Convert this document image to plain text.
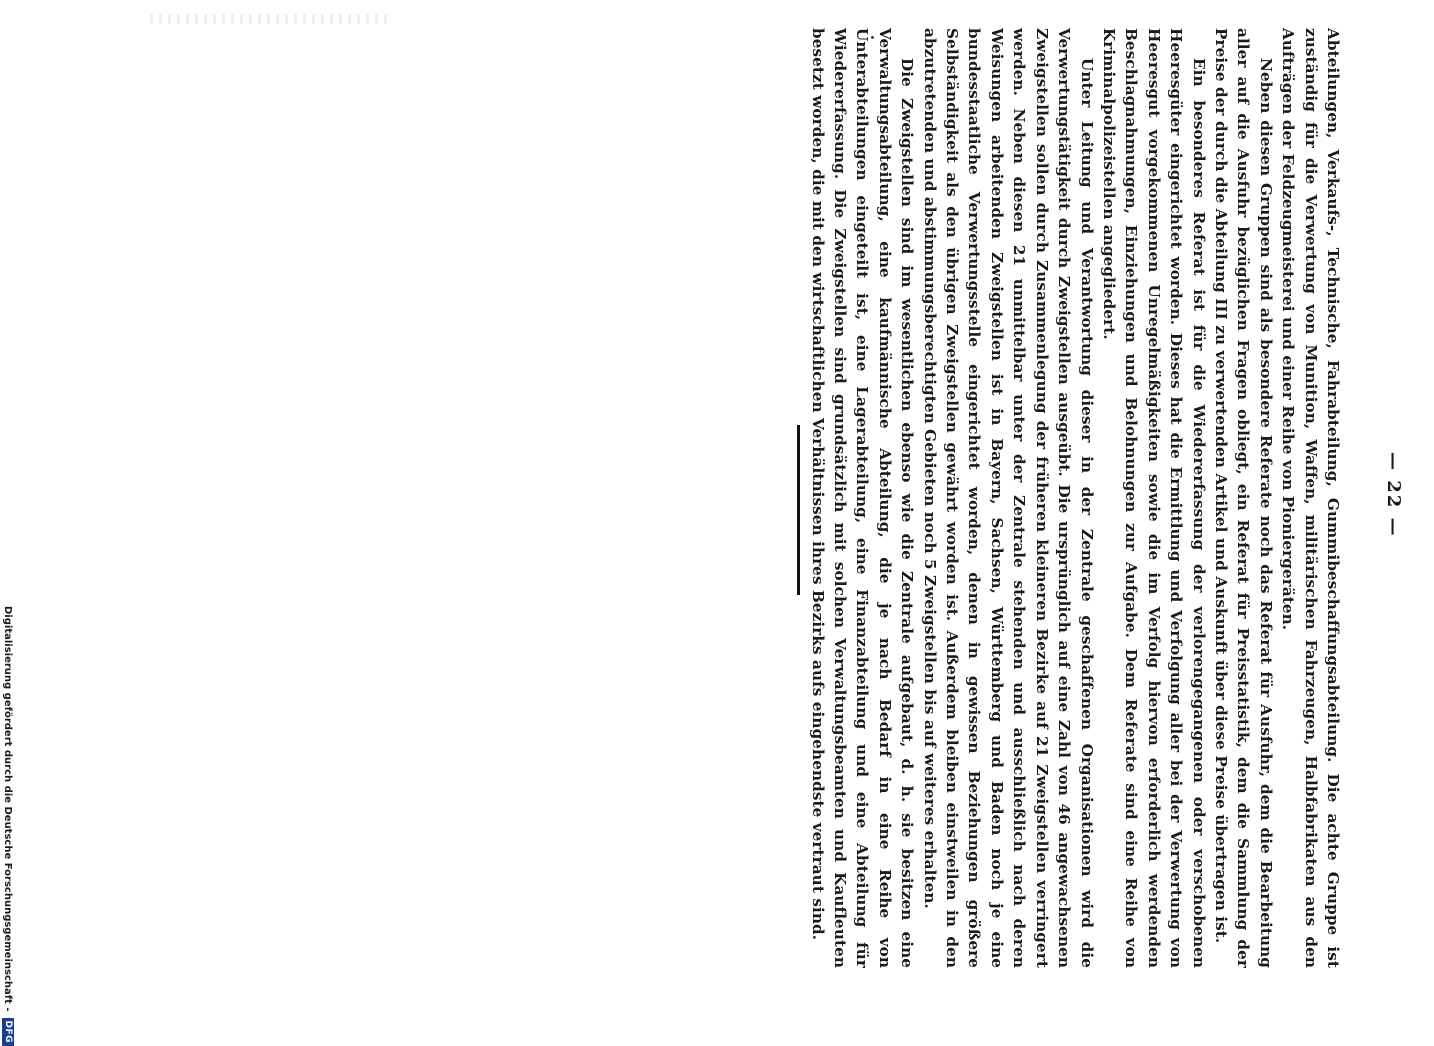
Abteilungen, Verkaufs-, Technische, Fahrabteilung, Gummibeschaffungsabteilung. Die achte Gruppe ist zuständig für die Verwertung von Munition, Waffen, militärischen Fahrzeugen, Halbfabrikaten aus den Aufträgen der Feldzeugmeisterei und einer Reihe von Pioniergeräten.

Neben diesen Gruppen sind als besondere Referate noch das Referat für Ausfuhr, dem die Bearbeitung aller auf die Ausfuhr bezüglichen Fragen obliegt, ein Referat für Preisstatistik, dem die Sammlung der Preise der durch die Abteilung III zu verwertenden Artikel und Auskunft über diese Preise übertragen ist.

Ein besonderes Referat ist für die Wiedererfassung der verlorengegangenen oder verschobenen Heeresgüter eingerichtet worden. Dieses hat die Ermittlung und Verfolgung aller bei der Verwertung von Heeresgut vorgekommenen Unregelmäßigkeiten sowie die im Verfolg hiervon erforderlich werdenden Beschlagnahmungen, Einziehungen und Belohnungen zur Aufgabe. Dem Referate sind eine Reihe von Kriminalpolizeistellen angegliedert.

Unter Leitung und Verantwortung dieser in der Zentrale geschaffenen Organisationen wird die Verwertungstätigkeit durch Zweigstellen ausgeübt. Die ursprünglich auf eine Zahl von 46 angewachsenen Zweigstellen sollen durch Zusammenlegung der früheren kleineren Bezirke auf 21 Zweigstellen verringert werden. Neben diesen 21 unmittelbar unter der Zentrale stehenden und ausschließlich nach deren Weisungen arbeitenden Zweigstellen ist in Bayern, Sachsen, Württemberg und Baden noch je eine bundesstaatliche Verwertungsstelle eingerichtet worden, denen in gewissen Beziehungen größere Selbständigkeit als den übrigen Zweigstellen gewährt worden ist. Außerdem bleiben einstweilen in den abzutretenden und abstimmungsberechtigten Gebieten noch 5 Zweigstellen bis auf weiteres erhalten.

Die Zweigstellen sind im wesentlichen ebenso wie die Zentrale aufgebaut, d. h. sie besitzen eine Verwaltungsabteilung, eine kaufmännische Abteilung, die je nach Bedarf in eine Reihe von Unterabteilungen eingeteilt ist, eine Lagerabteilung, eine Finanzabteilung und eine Abteilung für Wiedererfassung. Die Zweigstellen sind grundsätzlich mit solchen Verwaltungsbeamten und Kaufleuten besetzt worden, die mit den wirtschaftlichen Verhältnissen ihres Bezirks aufs eingehendste vertraut sind.	— 22 —
Digitalisierung gefördert durch die Deutsche Forschungsgemeinschaft -
DFG
